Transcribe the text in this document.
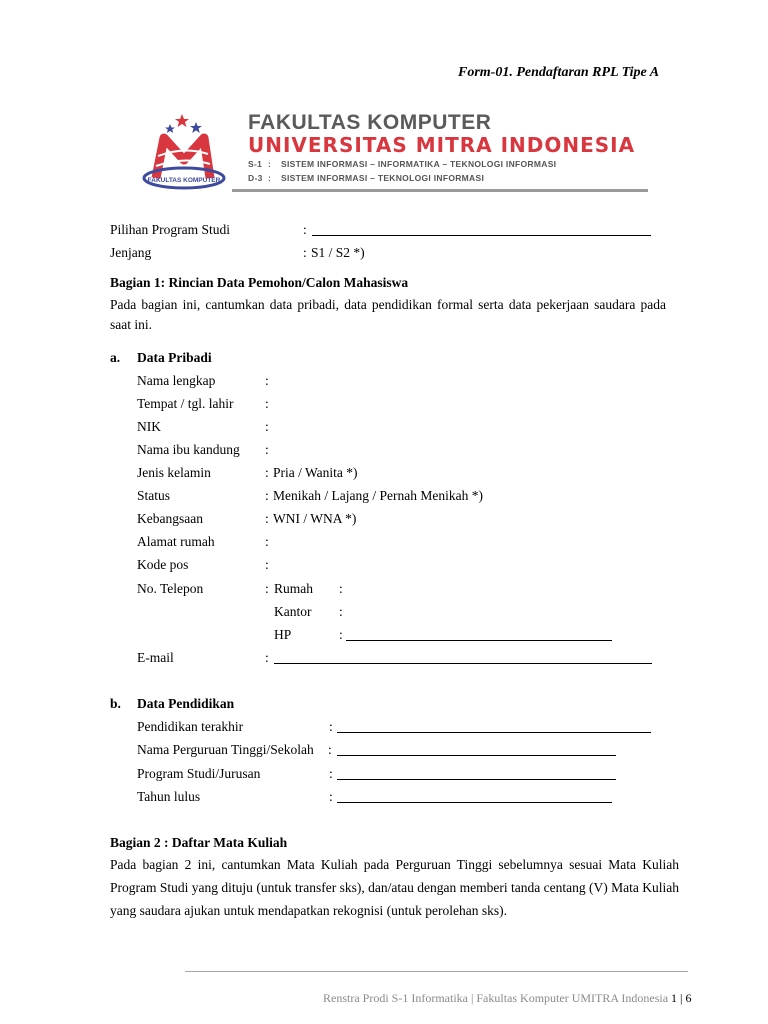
Form-01. Pendaftaran RPL Tipe A
FAKULTAS KOMPUTER
FAKULTAS KOMPUTER
UNIVERSITAS MITRA INDONESIA
S-1 : SISTEM INFORMASI – INFORMATIKA – TEKNOLOGI INFORMASI
D-3 : SISTEM INFORMASI – TEKNOLOGI INFORMASI
Pilihan Program Studi	:
Jenjang	: S1 / S2 *)
Bagian 1: Rincian Data Pemohon/Calon Mahasiswa
Pada bagian ini, cantumkan data pribadi, data pendidikan formal serta data pekerjaan saudara pada saat ini.
a. Data Pribadi
Nama lengkap	:
Tempat / tgl. lahir :
NIK	:
Nama ibu kandung :
Jenis kelamin	: Pria / Wanita *)
Status	: Menikah / Lajang / Pernah Menikah *)
Kebangsaan	: WNI / WNA *)
Alamat rumah	:
Kode pos	:
No. Telepon	: Rumah :
Kantor :
HP	:
E-mail	:
b. Data Pendidikan
Pendidikan terakhir	:
Nama Perguruan Tinggi/Sekolah :
Program Studi/Jurusan	:
Tahun lulus	:
Bagian 2 : Daftar Mata Kuliah
Pada bagian 2 ini, cantumkan Mata Kuliah pada Perguruan Tinggi sebelumnya sesuai Mata Kuliah Program Studi yang dituju (untuk transfer sks), dan/atau dengan memberi tanda centang (V) Mata Kuliah yang saudara ajukan untuk mendapatkan rekognisi (untuk perolehan sks).
Renstra Prodi S-1 Informatika | Fakultas Komputer UMITRA Indonesia 1 | 6
